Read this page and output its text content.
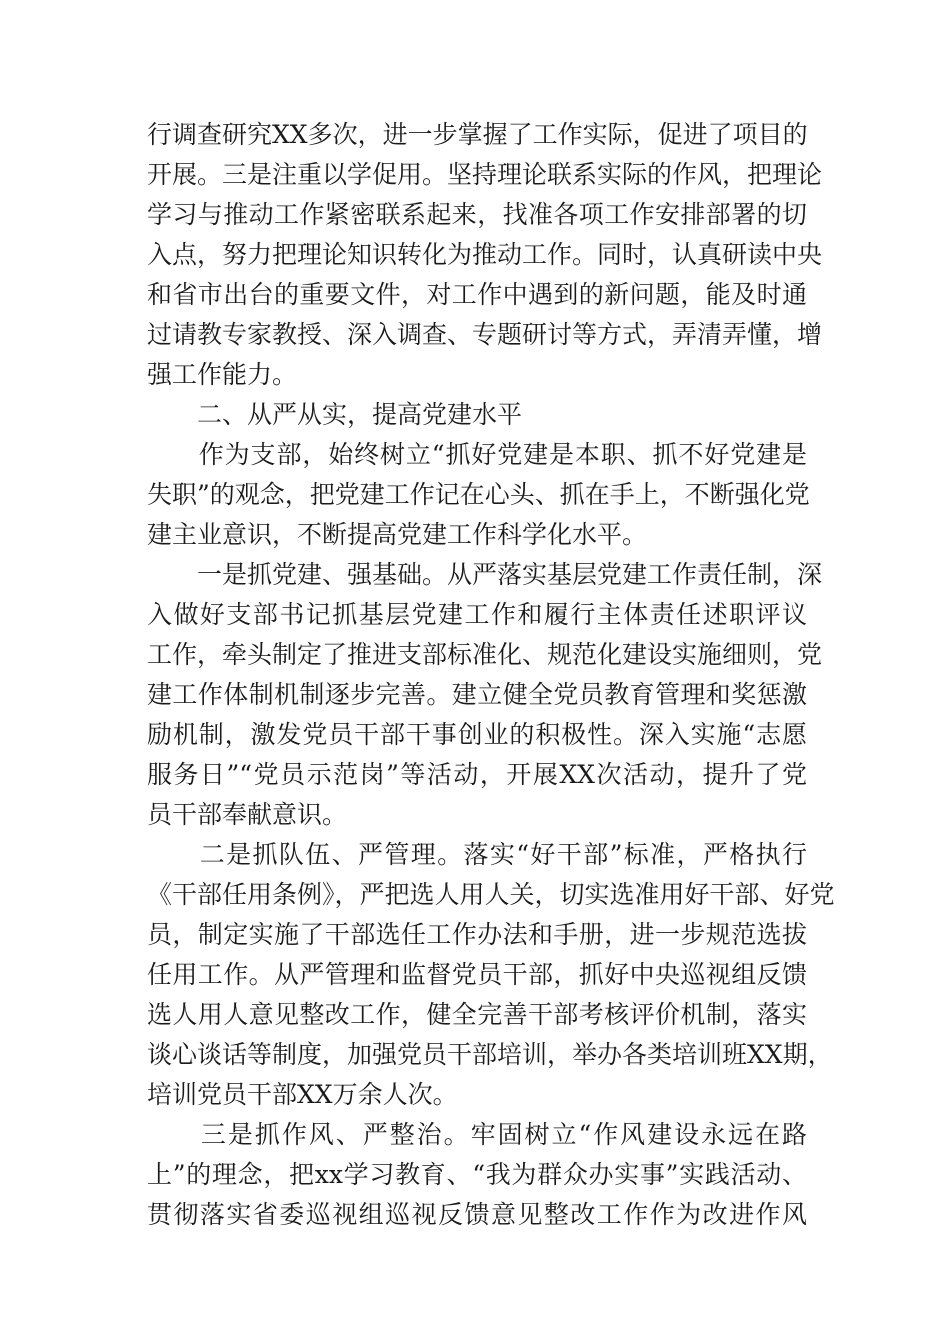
行调查研究XX多次，进一步掌握了工作实际，促进了项目的
开展。三是注重以学促用。坚持理论联系实际的作风，把理论
学习与推动工作紧密联系起来，找准各项工作安排部署的切
入点，努力把理论知识转化为推动工作。同时，认真研读中央
和省市出台的重要文件，对工作中遇到的新问题，能及时通
过请教专家教授、深入调查、专题研讨等方式，弄清弄懂，增
强工作能力。
　　二、从严从实，提高党建水平
　　作为支部，始终树立“抓好党建是本职、抓不好党建是
失职”的观念，把党建工作记在心头、抓在手上，不断强化党
建主业意识，不断提高党建工作科学化水平。
　　一是抓党建、强基础。从严落实基层党建工作责任制，深
入做好支部书记抓基层党建工作和履行主体责任述职评议
工作，牵头制定了推进支部标准化、规范化建设实施细则，党
建工作体制机制逐步完善。建立健全党员教育管理和奖惩激
励机制，激发党员干部干事创业的积极性。深入实施“志愿
服务日”“党员示范岗”等活动，开展XX次活动，提升了党
员干部奉献意识。
　　二是抓队伍、严管理。落实“好干部”标准，严格执行
《干部任用条例》，严把选人用人关，切实选准用好干部、好党
员，制定实施了干部选任工作办法和手册，进一步规范选拔
任用工作。从严管理和监督党员干部，抓好中央巡视组反馈
选人用人意见整改工作，健全完善干部考核评价机制，落实
谈心谈话等制度，加强党员干部培训，举办各类培训班XX期，
培训党员干部XX万余人次。
　　三是抓作风、严整治。牢固树立“作风建设永远在路
上”的理念，把xx学习教育、“我为群众办实事”实践活动、
贯彻落实省委巡视组巡视反馈意见整改工作作为改进作风
